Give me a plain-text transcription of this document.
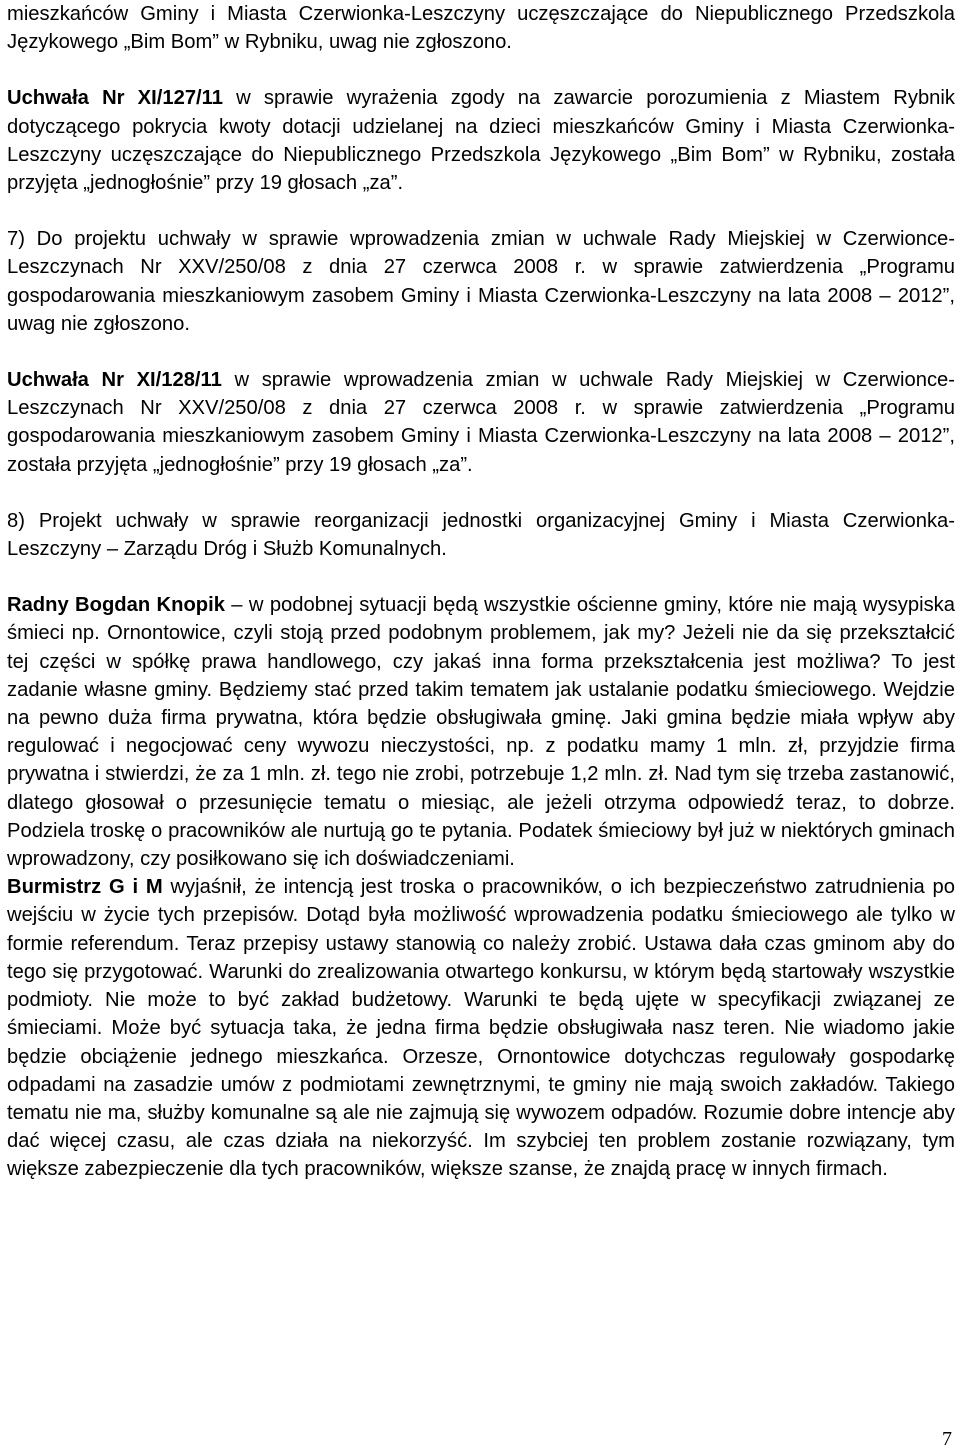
mieszkańców Gminy i Miasta Czerwionka-Leszczyny uczęszczające do Niepublicznego Przedszkola Językowego „Bim Bom” w Rybniku, uwag nie zgłoszono.

Uchwała Nr XI/127/11 w sprawie wyrażenia zgody na zawarcie porozumienia z Miastem Rybnik dotyczącego pokrycia kwoty dotacji udzielanej na dzieci mieszkańców Gminy i Miasta Czerwionka-Leszczyny uczęszczające do Niepublicznego Przedszkola Językowego „Bim Bom” w Rybniku, została przyjęta „jednogłośnie” przy 19 głosach „za”.

7) Do projektu uchwały w sprawie wprowadzenia zmian w uchwale Rady Miejskiej w Czerwionce-Leszczynach Nr XXV/250/08 z dnia 27 czerwca 2008 r. w sprawie zatwierdzenia „Programu gospodarowania mieszkaniowym zasobem Gminy i Miasta Czerwionka-Leszczyny na lata 2008 – 2012”, uwag nie zgłoszono.

Uchwała Nr XI/128/11 w sprawie wprowadzenia zmian w uchwale Rady Miejskiej w Czerwionce-Leszczynach Nr XXV/250/08 z dnia 27 czerwca 2008 r. w sprawie zatwierdzenia „Programu gospodarowania mieszkaniowym zasobem Gminy i Miasta Czerwionka-Leszczyny na lata 2008 – 2012”, została przyjęta „jednogłośnie” przy 19 głosach „za”.

8) Projekt uchwały w sprawie reorganizacji jednostki organizacyjnej Gminy i Miasta Czerwionka-Leszczyny – Zarządu Dróg i Służb Komunalnych.

Radny Bogdan Knopik – w podobnej sytuacji będą wszystkie ościenne gminy, które nie mają wysypiska śmieci np. Ornontowice, czyli stoją przed podobnym problemem, jak my? Jeżeli nie da się przekształcić tej części w spółkę prawa handlowego, czy jakaś inna forma przekształcenia jest możliwa? To jest zadanie własne gminy. Będziemy stać przed takim tematem jak ustalanie podatku śmieciowego. Wejdzie na pewno duża firma prywatna, która będzie obsługiwała gminę. Jaki gmina będzie miała wpływ aby regulować i negocjować ceny wywozu nieczystości, np. z podatku mamy 1 mln. zł, przyjdzie firma prywatna i stwierdzi, że za 1 mln. zł. tego nie zrobi, potrzebuje 1,2 mln. zł. Nad tym się trzeba zastanowić, dlatego głosował o przesunięcie tematu o miesiąc, ale jeżeli otrzyma odpowiedź teraz, to dobrze. Podziela troskę o pracowników ale nurtują go te pytania. Podatek śmieciowy był już w niektórych gminach wprowadzony, czy posiłkowano się ich doświadczeniami.

Burmistrz G i M wyjaśnił, że intencją jest troska o pracowników, o ich bezpieczeństwo zatrudnienia po wejściu w życie tych przepisów. Dotąd była możliwość wprowadzenia podatku śmieciowego ale tylko w formie referendum. Teraz przepisy ustawy stanowią co należy zrobić. Ustawa dała czas gminom aby do tego się przygotować. Warunki do zrealizowania otwartego konkursu, w którym będą startowały wszystkie podmioty. Nie może to być zakład budżetowy. Warunki te będą ujęte w specyfikacji związanej ze śmieciami. Może być sytuacja taka, że jedna firma będzie obsługiwała nasz teren. Nie wiadomo jakie będzie obciążenie jednego mieszkańca. Orzesze, Ornontowice dotychczas regulowały gospodarkę odpadami na zasadzie umów z podmiotami zewnętrznymi, te gminy nie mają swoich zakładów. Takiego tematu nie ma, służby komunalne są ale nie zajmują się wywozem odpadów. Rozumie dobre intencje aby dać więcej czasu, ale czas działa na niekorzyść. Im szybciej ten problem zostanie rozwiązany, tym większe zabezpieczenie dla tych pracowników, większe szanse, że znajdą pracę w innych firmach.

7
